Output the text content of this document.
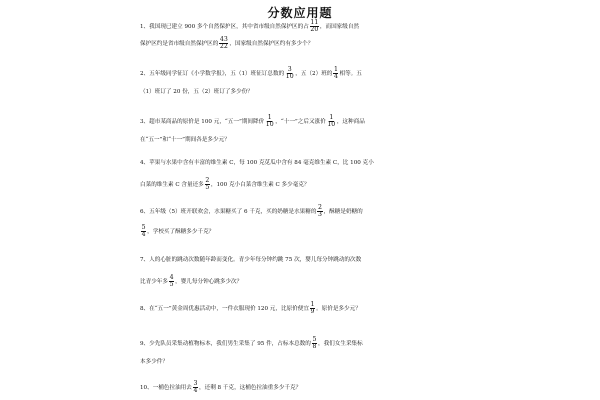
分数应用题
1、我国现已建立 900 多个自然保护区，其中省市级自然保护区的占 $\frac{11}{20}$ ，而国家级自然
保护区约是省市级自然保护区的 $\frac{43}{22}$ ，国家级自然保护区约有多少个？
2、五年级同学征订《小学数学报》，五（1）班征订总数的 $\frac{3}{10}$ ，五（2）班的 $\frac{1}{4}$ 相等。五
（1）班订了 20 份，五（2）班订了多少份？
3、超市某商品的原价是 100 元，“五一”期间降价 $\frac{1}{10}$ ，“十一”之后又涨价 $\frac{1}{10}$ ，这种商品
在“五一”和“十一”期间各是多少元？
4、苹果与水果中含有丰富的维生素 C，每 100 克苋瓜中含有 84 毫克维生素 C，比 100 克小
白菜的维生素 C 含量还多 $\frac{2}{5}$ ，100 克小白菜含维生素 C 多少毫克？
6、五年级（5）班开联欢会，水果糖买了 6 千克，买的奶糖是水果糖的 $\frac{2}{3}$ ，酥糖是奶糖的
$\frac{5}{4}$ ，学校买了酥糖多少千克？
7、人的心脏的跳动次数随年龄而变化。青少年每分钟约跳 75 次，婴儿每分钟跳动的次数
比青少年多 $\frac{4}{5}$ ，婴儿每分钟心跳多少次？
8、在“五一”黄金周优惠活动中，一件衣服现价 120 元，比原价便宜 $\frac{1}{9}$ 。原价是多少元？
9、少先队员采集动植物标本，我们男生采集了 95 件，占标本总数的 $\frac{5}{8}$ ，我们女生采集标
本多少件？
10、一桶色拉油用去 $\frac{3}{4}$ ，还剩 8 千克，这桶色拉油重多少千克？
